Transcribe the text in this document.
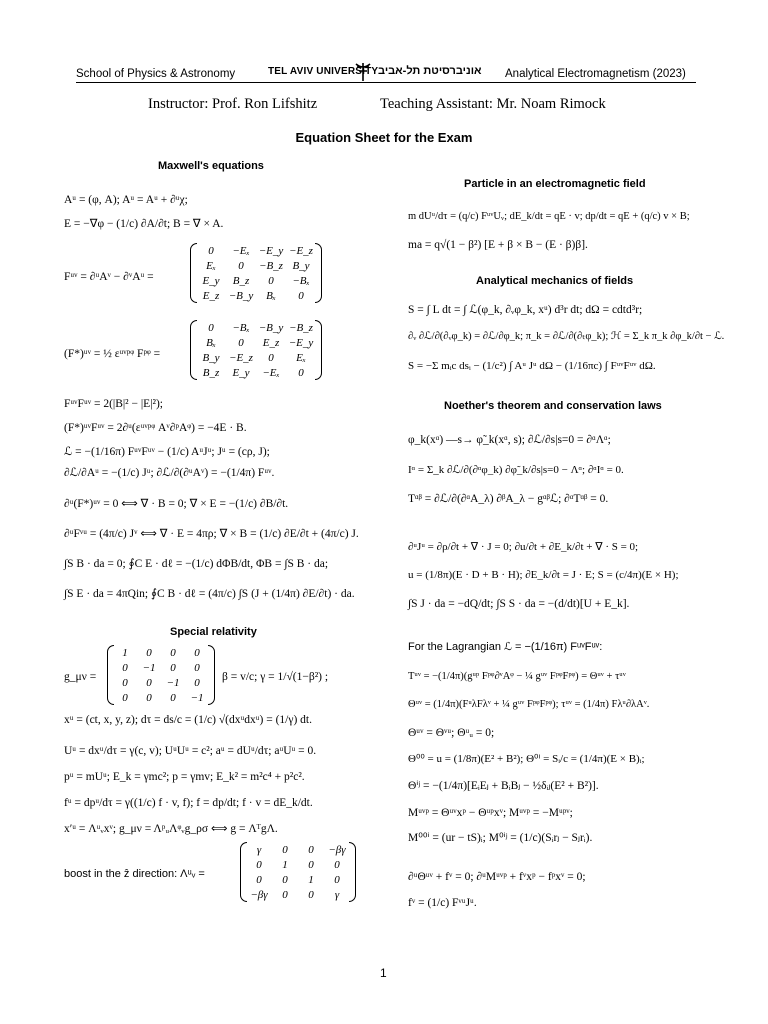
School of Physics & Astronomy	TEL AVIV UNIVERSITY אוניברסיטת תל-אביב Analytical Electromagnetism (2023)
Instructor: Prof. Ron Lifshitz	Teaching Assistant: Mr. Noam Rimock
Equation Sheet for the Exam
Maxwell's equations
Aᵘ = (φ, A); Aᵘ = Aᵘ + ∂ᵘχ;
E = −∇φ − (1/c) ∂A/∂t; B = ∇ × A.
Fᵘᵛ = ∂ᵘAᵛ − ∂ᵛAᵘ =
0	−Eₓ	−E_y	−E_z
Eₓ	0	−B_z	B_y
E_y	B_z	0	−Bₓ
E_z	−B_y	Bₓ	0
(F*)ᵘᵛ = ½ εᵘᵛᵖᵠ Fᵖᵠ =
0	−Bₓ	−B_y	−B_z
Bₓ	0	E_z	−E_y
B_y	−E_z	0	Eₓ
B_z	E_y	−Eₓ	0
FᵘᵛFᵘᵛ = 2(|B|² − |E|²);
(F*)ᵘᵛFᵘᵛ = 2∂ᵘ(εᵘᵛᵖᵠ Aᵛ∂ᵖAᵠ) = −4E · B.
ℒ = −(1/16π) FᵘᵛFᵘᵛ − (1/c) AᵘJᵘ; Jᵘ = (cρ, J);
∂ℒ/∂Aᵘ = −(1/c) Jᵘ; ∂ℒ/∂(∂ᵘAᵛ) = −(1/4π) Fᵘᵛ.
∂ᵘ(F*)ᵘᵛ = 0 ⟺ ∇ · B = 0; ∇ × E = −(1/c) ∂B/∂t.
∂ᵘFᵛᵘ = (4π/c) Jᵛ ⟺ ∇ · E = 4πρ; ∇ × B = (1/c) ∂E/∂t + (4π/c) J.
∫S B · da = 0; ∮C E · dℓ = −(1/c) dΦB/dt, ΦB = ∫S B · da;
∫S E · da = 4πQin; ∮C B · dℓ = (4π/c) ∫S (J + (1/4π) ∂E/∂t) · da.
Special relativity
g_μν =
1	0	0	0
0	−1	0	0
0	0	−1	0
0	0	0	−1
β = v/c; γ = 1/√(1−β²) ;
xᵘ = (ct, x, y, z); dτ = ds/c = (1/c) √(dxᵘdxᵘ) = (1/γ) dt.
Uᵘ = dxᵘ/dτ = γ(c, v); UᵘUᵘ = c²; aᵘ = dUᵘ/dτ; aᵘUᵘ = 0.
pᵘ = mUᵘ; E_k = γmc²; p = γmv; E_k² = m²c⁴ + p²c².
fᵘ = dpᵘ/dτ = γ((1/c) f · v, f); f = dp/dt; f · v = dE_k/dt.
x′ᵘ = Λᵘᵥxᵛ; g_μν = ΛᵖᵤΛᵠᵥg_ρσ ⟺ g = ΛᵀgΛ.
boost in the ẑ direction: Λᵘᵥ =
γ	0	0	−βγ
0	1	0	0
0	0	1	0
−βγ	0	0	γ
Particle in an electromagnetic field
m dUᵘ/dτ = (q/c) FᵘᵛUᵥ; dE_k/dt = qE · v; dp/dt = qE + (q/c) v × B;
ma = q√(1 − β²) [E + β × B − (E · β)β].
Analytical mechanics of fields
S = ∫ L dt = ∫ ℒ(φ_k, ∂ᵥφ_k, xᵘ) d³r dt; dΩ = cdtd³r;
∂ᵥ ∂ℒ/∂(∂ᵥφ_k) = ∂ℒ/∂φ_k; π_k = ∂ℒ/∂(∂ₜφ_k); ℋ = Σ_k π_k ∂φ_k/∂t − ℒ.
S = −Σ mᵢc dsᵢ − (1/c²) ∫ Aᵘ Jᵘ dΩ − (1/16πc) ∫ FᵘᵛFᵘᵛ dΩ.
Noether's theorem and conservation laws
φ_k(xᵅ) —s→ φ̃_k(xᵅ, s); ∂ℒ/∂s|s=0 = ∂ᵅΛᵅ;
Iᵅ = Σ_k ∂ℒ/∂(∂ᵅφ_k) ∂φ̃_k/∂s|s=0 − Λᵅ; ∂ᵅIᵅ = 0.
Tᵅᵝ = ∂ℒ/∂(∂ᵅA_λ) ∂ᵝA_λ − gᵅᵝℒ; ∂ᵅTᵅᵝ = 0.
∂ᵘJᵘ = ∂ρ/∂t + ∇ · J = 0; ∂u/∂t + ∂E_k/∂t + ∇ · S = 0;
u = (1/8π)(E · D + B · H); ∂E_k/∂t = J · E; S = (c/4π)(E × H);
∫S J · da = −dQ/dt; ∫S S · da = −(d/dt)[U + E_k].
For the Lagrangian ℒ = −(1/16π) FᵘᵛFᵘᵛ:
Tᵘᵛ = −(1/4π)(gᵘᵖ Fᵖᵠ∂ᵛAᵠ − ¼ gᵘᵛ FᵖᵠFᵖᵠ) = Θᵘᵛ + τᵘᵛ
Θᵘᵛ = (1/4π)(FᵘλFλᵛ + ¼ gᵘᵛ FᵖᵠFᵖᵠ); τᵘᵛ = (1/4π) Fλᵘ∂λAᵛ.
Θᵘᵛ = Θᵛᵘ; Θᵘᵤ = 0;
Θ⁰⁰ = u = (1/8π)(E² + B²); Θ⁰ⁱ = Sᵢ/c = (1/4π)(E × B)ᵢ;
Θⁱʲ = −(1/4π)[EᵢEⱼ + BᵢBⱼ − ½δᵢⱼ(E² + B²)].
Mᵘᵛᵖ = Θᵘᵛxᵖ − Θᵘᵖxᵛ; Mᵘᵛᵖ = −Mᵘᵖᵛ;
M⁰⁰ⁱ = (ur − tS)ᵢ; M⁰ⁱʲ = (1/c)(Sᵢrⱼ − Sⱼrᵢ).
∂ᵘΘᵘᵛ + fᵛ = 0; ∂ᵘMᵘᵛᵖ + fᵛxᵖ − fᵖxᵛ = 0;
fᵛ = (1/c) FᵛᵘJᵘ.
1
